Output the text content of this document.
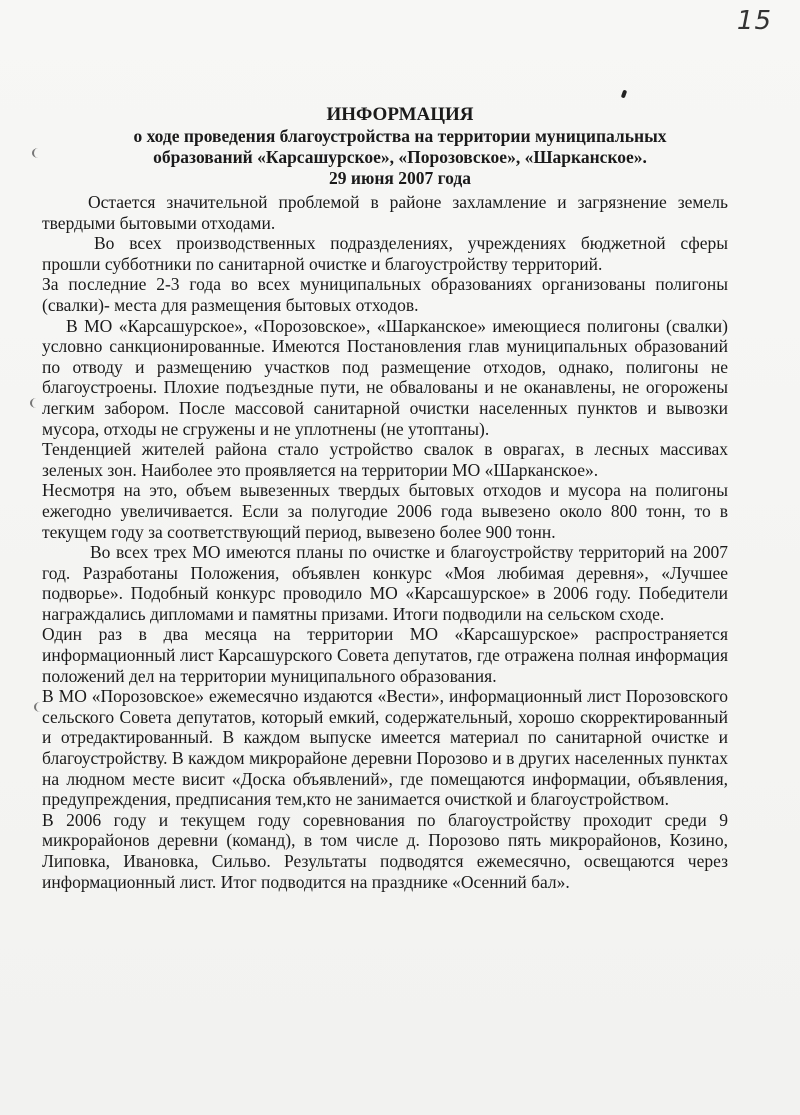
15
ИНФОРМАЦИЯ
о ходе проведения благоустройства на территории муниципальных
образований «Карсашурское», «Порозовское», «Шарканское».
29 июня 2007 года

Остается значительной проблемой в районе захламление и загрязнение земель твердыми бытовыми отходами.

Во всех производственных подразделениях, учреждениях бюджетной сферы прошли субботники по санитарной очистке и благоустройству территорий.

За последние 2-3 года во всех муниципальных образованиях организованы полигоны (свалки)- места для размещения бытовых отходов.

В МО «Карсашурское», «Порозовское», «Шарканское» имеющиеся полигоны (свалки) условно санкционированные. Имеются Постановления глав муниципальных образований по отводу и размещению участков под размещение отходов, однако, полигоны не благоустроены. Плохие подъездные пути, не обвалованы и не оканавлены, не огорожены легким забором. После массовой санитарной очистки населенных пунктов и вывозки мусора, отходы не сгружены и не уплотнены (не утоптаны).

Тенденцией жителей района стало устройство свалок в оврагах, в лесных массивах зеленых зон. Наиболее это проявляется на территории МО «Шарканское».

Несмотря на это, объем вывезенных твердых бытовых отходов и мусора на полигоны ежегодно увеличивается. Если за полугодие 2006 года вывезено около 800 тонн, то в текущем году за соответствующий период, вывезено более 900 тонн.

Во всех трех МО имеются планы по очистке и благоустройству территорий на 2007 год. Разработаны Положения, объявлен конкурс «Моя любимая деревня», «Лучшее подворье». Подобный конкурс проводило МО «Карсашурское» в 2006 году. Победители награждались дипломами и памятны призами. Итоги подводили на сельском сходе.

Один раз в два месяца на территории МО «Карсашурское» распространяется информационный лист Карсашурского Совета депутатов, где отражена полная информация положений дел на территории муниципального образования.

В МО «Порозовское» ежемесячно издаются «Вести», информационный лист Порозовского сельского Совета депутатов, который емкий, содержательный, хорошо скорректированный и отредактированный. В каждом выпуске имеется материал по санитарной очистке и благоустройству. В каждом микрорайоне деревни Порозово и в других населенных пунктах на людном месте висит «Доска объявлений», где помещаются информации, объявления, предупреждения, предписания тем,кто не занимается очисткой и благоустройством.

В 2006 году и текущем году соревнования по благоустройству проходит среди 9 микрорайонов деревни (команд), в том числе д. Порозово пять микрорайонов, Козино, Липовка, Ивановка, Сильво. Результаты подводятся ежемесячно, освещаются через информационный лист. Итог подводится на празднике «Осенний бал».
